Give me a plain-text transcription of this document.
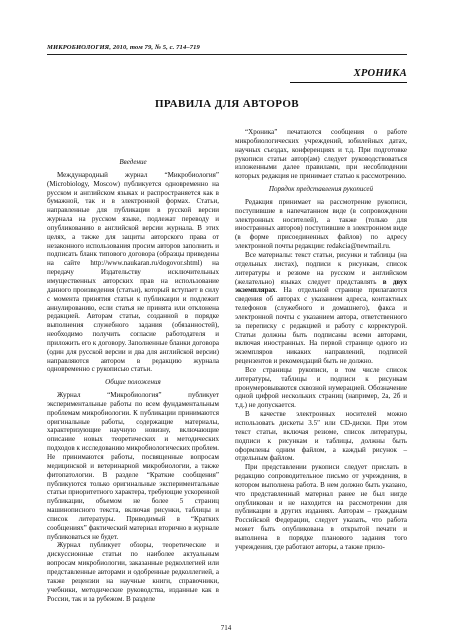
МИКРОБИОЛОГИЯ, 2010, том 79, № 5, с. 714–719
ХРОНИКА
ПРАВИЛА ДЛЯ АВТОРОВ
Введение

Международный журнал “Микробиология” (Microbiology, Moscow) публикуется одновременно на русском и английском языках и распространяется как в бумажной, так и в электронной формах. Статьи, направленные для публикации в русской версии журнала на русском языке, подлежат переводу и опубликованию в английской версии журнала. В этих целях, а также для защиты авторского права от незаконного использования просим авторов заполнить и подписать бланк типового договора (образцы приведены на сайте http://www.naukaran.ru/dogovor.shtml) на передачу Издательству исключительных имущественных авторских прав на использование данного произведения (статьи), который вступает в силу с момента принятия статьи к публикации и подлежит аннулированию, если статья не принята или отклонена редакцией. Авторам статьи, созданной в порядке выполнения служебного задания (обязанностей), необходимо получить согласие работодателя и приложить его к договору. Заполненные бланки договора (один для русской версии и два для английской версии) направляются автором в редакцию журнала одновременно с рукописью статьи.

Общие положения

Журнал “Микробиология” публикует экспериментальные работы по всем фундаментальным проблемам микробиологии. К публикации принимаются оригинальные работы, содержащие материалы, характеризующие научную новизну, включающие описание новых теоретических и методических подходов к исследованию микробиологических проблем. Не принимаются работы, посвященные вопросам медицинской и ветеринарной микробиологии, а также фитопатологии. В разделе “Краткие сообщения” публикуются только оригинальные экспериментальные статьи приоритетного характера, требующие ускоренной публикации, объемом не более 5 страниц машинописного текста, включая рисунки, таблицы и список литературы. Приводимый в “Кратких сообщениях” фактический материал вторично в журнале публиковаться не будет.

Журнал публикует обзоры, теоретические и дискуссионные статьи по наиболее актуальным вопросам микробиологии, заказанные редколлегией или представленные авторами и одобренные редколлегией, а также рецензии на научные книги, справочники, учебники, методические руководства, изданные как в России, так и за рубежом. В разделе

“Хроника” печатаются сообщения о работе микробиологических учреждений, юбилейных датах, научных съездах, конференциях и т.д. При подготовке рукописи статьи автор(ам) следует руководствоваться изложенными далее правилами, при несоблюдении которых редакция не принимает статью к рассмотрению.

Порядок представления рукописей

Редакция принимает на рассмотрение рукописи, поступившие в напечатанном виде (в сопровождении электронных носителей), а также (только для иностранных авторов) поступившие в электронном виде (в форме присоединенных файлов) по адресу электронной почты редакции: redakcia@newmail.ru.

Все материалы: текст статьи, рисунки и таблицы (на отдельных листах), подписи к рисункам, список литературы и резюме на русском и английском (желательно) языках следует представлять в двух экземплярах. На отдельной странице прилагаются сведения об авторах с указанием адреса, контактных телефонов (служебного и домашнего), факса и электронной почты с указанием автора, ответственного за переписку с редакцией и работу с корректурой. Статьи должны быть подписаны всеми авторами, включая иностранных. На первой странице одного из экземпляров никаких направлений, подписей рецензентов и рекомендаций быть не должно.

Все страницы рукописи, в том числе список литературы, таблицы и подписи к рисункам пронумеровываются сквозной нумерацией. Обозначение одной цифрой нескольких страниц (например, 2а, 2б и т.д.) не допускается.

В качестве электронных носителей можно использовать дискеты 3.5″ или CD-диски. При этом текст статьи, включая резюме, список литературы, подписи к рисункам и таблицы, должны быть оформлены одним файлом, а каждый рисунок – отдельным файлом.

При представлении рукописи следует прислать в редакцию сопроводительное письмо от учреждения, в котором выполнена работа. В нем должно быть указано, что представленный материал ранее не был нигде опубликован и не находится на рассмотрении для публикации в других изданиях. Авторам – гражданам Российской Федерации, следует указать, что работа может быть опубликована в открытой печати и выполнена в порядке планового задания того учреждения, где работают авторы, а также прило-

714
